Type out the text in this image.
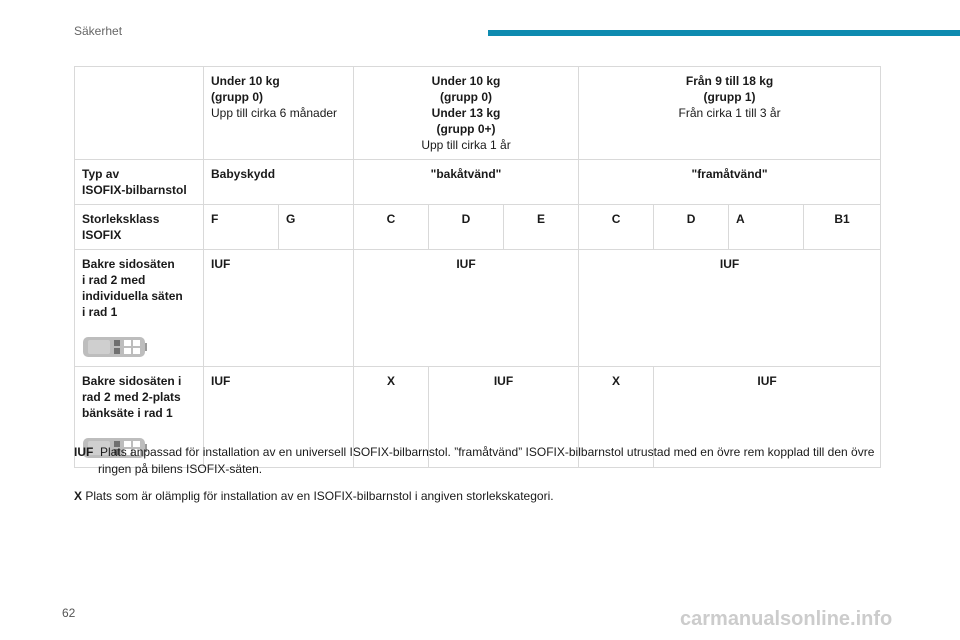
Säkerhet

	Under 10 kg
(grupp 0)
Upp till cirka 6 månader		Under 10 kg
(grupp 0)
Under 13 kg
(grupp 0+)
Upp till cirka 1 år			Från 9 till 18 kg
(grupp 1)
Från cirka 1 till 3 år			

Typ av
ISOFIX-bilbarnstol	Babyskydd		"bakåtvänd"			"framåtvänd"			

Storleksklass
ISOFIX	F	G	C	D	E	C	D	A	B1

Bakre sidosäten
i rad 2 med
individuella säten
i rad 1	IUF		IUF			IUF			

Bakre sidosäten i
rad 2 med 2-plats
bänksäte i rad 1	IUF		X	IUF		X	IUF		

IUF Plats anpassad för installation av en universell ISOFIX-bilbarnstol. ”framåtvänd” ISOFIX-bilbarnstol utrustad med en övre rem kopplad till den övre ringen på bilens ISOFIX-säten.

X Plats som är olämplig för installation av en ISOFIX-bilbarnstol i angiven storlekskategori.

62	carmanualsonline.info
